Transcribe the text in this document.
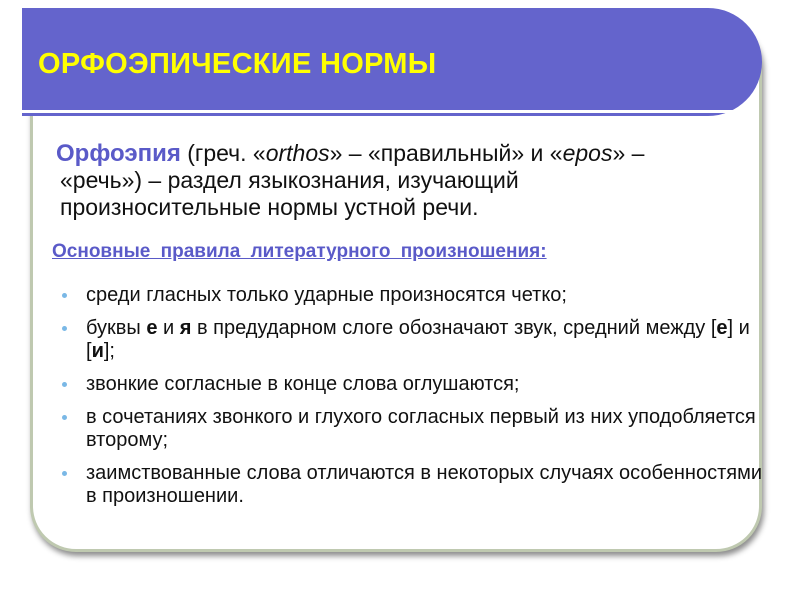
ОРФОЭПИЧЕСКИЕ НОРМЫ
Орфоэпия (греч. «orthos» – «правильный» и «epos» –
«речь») – раздел языкознания, изучающий
произносительные нормы устной речи.
Основные правила литературного произношения:
среди гласных только ударные произносятся четко;
буквы е и я в предударном слоге обозначают звук, средний между [е] и [и];
звонкие согласные в конце слова оглушаются;
в сочетаниях звонкого и глухого согласных первый из них уподобляется второму;
заимствованные слова отличаются в некоторых случаях особенностями в произношении.
